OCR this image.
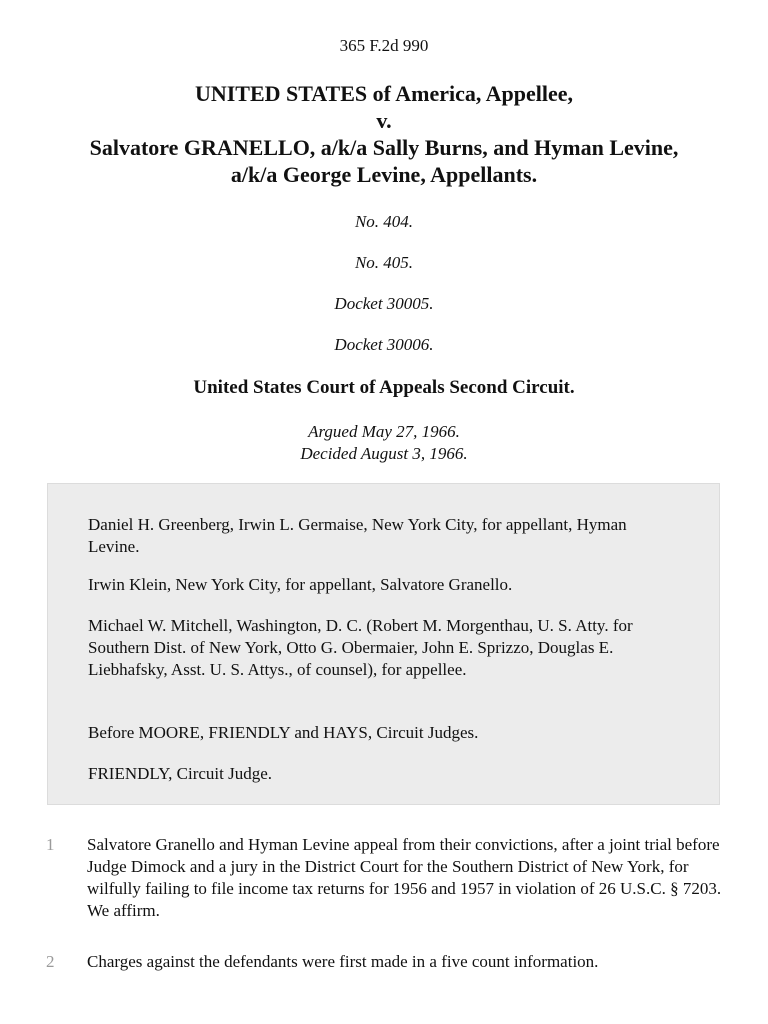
365 F.2d 990
UNITED STATES of America, Appellee,
v.
Salvatore GRANELLO, a/k/a Sally Burns, and Hyman Levine,
a/k/a George Levine, Appellants.
No. 404.
No. 405.
Docket 30005.
Docket 30006.
United States Court of Appeals Second Circuit.
Argued May 27, 1966.
Decided August 3, 1966.

Daniel H. Greenberg, Irwin L. Germaise, New York City, for appellant, Hyman Levine.

Irwin Klein, New York City, for appellant, Salvatore Granello.

Michael W. Mitchell, Washington, D. C. (Robert M. Morgenthau, U. S. Atty. for Southern Dist. of New York, Otto G. Obermaier, John E. Sprizzo, Douglas E. Liebhafsky, Asst. U. S. Attys., of counsel), for appellee.

Before MOORE, FRIENDLY and HAYS, Circuit Judges.

FRIENDLY, Circuit Judge.

1 Salvatore Granello and Hyman Levine appeal from their convictions, after a joint trial before Judge Dimock and a jury in the District Court for the Southern District of New York, for wilfully failing to file income tax returns for 1956 and 1957 in violation of 26 U.S.C. § 7203. We affirm.

2 Charges against the defendants were first made in a five count information.
